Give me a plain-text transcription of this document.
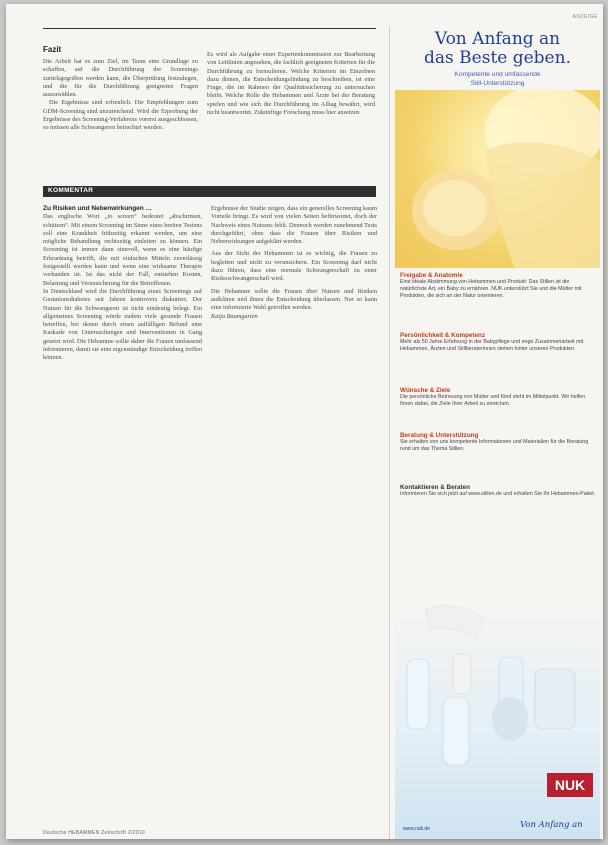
Fazit

Die Arbeit hat es zum Ziel, im Team eine Grundlage zu schaffen, auf die Durchführung der Screenings zurückgegriffen werden kann, die Überprüfung festzulegen, und die für die Durchführung geeigneten Fragen auszuwählen.

Die Ergebnisse sind erfreulich. Die Empfehlungen zum GDM-Screening sind unzureichend. Wird die Erprobung der Ergebnisse des Screening-Verfahrens vorerst ausgeschlossen, so müssen alle Schwangeren betrachtet werden.

Es wird als Aufgabe einer Expertenkommission zur Bearbeitung von Leitlinien angesehen, die fachlich geeigneten Kriterien für die Durchführung zu formulieren. Welche Kriterien im Einzelnen dazu dienen, die Entscheidungsfindung zu beschreiben, ist eine Frage, die im Rahmen der Qualitätssicherung zu untersuchen bleibt. Welche Rolle die Hebammen und Ärzte bei der Beratung spielen und wie sich die Durchführung im Alltag bewährt, wird nicht beantwortet. Zukünftige Forschung muss hier ansetzen.

KOMMENTAR

Zu Risiken und Nebenwirkungen …

Das englische Wort „to screen“ bedeutet „abschirmen, schützen“. Mit einem Screening im Sinne eines breiten Testens soll eine Krankheit frühzeitig erkannt werden, um eine mögliche Behandlung rechtzeitig einleiten zu können. Ein Screening ist immer dann sinnvoll, wenn es eine häufige Erkrankung betrifft, die mit einfachen Mitteln zuverlässig festgestellt werden kann und wenn eine wirksame Therapie vorhanden ist. Ist das nicht der Fall, entstehen Kosten, Belastung und Verunsicherung für die Betroffenen.

In Deutschland wird die Durchführung eines Screenings auf Gestationsdiabetes seit Jahren kontrovers diskutiert. Der Nutzen für die Schwangeren ist nicht eindeutig belegt. Ein allgemeines Screening würde zudem viele gesunde Frauen betreffen, bei denen durch einen auffälligen Befund eine Kaskade von Untersuchungen und Interventionen in Gang gesetzt wird. Die Hebamme sollte daher die Frauen umfassend informieren, damit sie eine eigenständige Entscheidung treffen können.

Ergebnisse der Studie zeigen, dass ein generelles Screening kaum Vorteile bringt. Es wird von vielen Seiten befürwortet, doch der Nachweis eines Nutzens fehlt. Dennoch werden zunehmend Tests durchgeführt, ohne dass die Frauen über Risiken und Nebenwirkungen aufgeklärt werden.

Aus der Sicht der Hebammen ist es wichtig, die Frauen zu begleiten und nicht zu verunsichern. Ein Screening darf nicht dazu führen, dass eine normale Schwangerschaft zu einer Risikoschwangerschaft wird.

Die Hebamme sollte die Frauen über Nutzen und Risiken aufklären und ihnen die Entscheidung überlassen. Nur so kann eine informierte Wahl getroffen werden.

Katja Baumgarten

Deutsche HEBAMMEN Zeitschrift 2/2010
ANZEIGE
Von Anfang an
das Beste geben.
Kompetente und umfassende
Still-Unterstützung
Freigabe & Anatomie
Eine ideale Abstimmung von Hebammen und Produkt: Das Stillen ist die natürlichste Art, ein Baby zu ernähren. NUK unterstützt Sie und die Mütter mit Produkten, die sich an der Natur orientieren.
Persönlichkeit & Kompetenz
Mehr als 50 Jahre Erfahrung in der Babypflege und enge Zusammenarbeit mit Hebammen, Ärzten und Stillberaterinnen stehen hinter unseren Produkten.
Wünsche & Ziele
Die persönliche Betreuung von Mutter und Kind steht im Mittelpunkt. Wir helfen Ihnen dabei, die Ziele Ihrer Arbeit zu erreichen.
Beratung & Unterstützung
Sie erhalten von uns kompetente Informationen und Materialien für die Beratung rund um das Thema Stillen.
Kontaktieren & Beraten
Informieren Sie sich jetzt auf www.stillen.de und erhalten Sie Ihr Hebammen-Paket.
NUK
www.nuk.de	Von Anfang an
